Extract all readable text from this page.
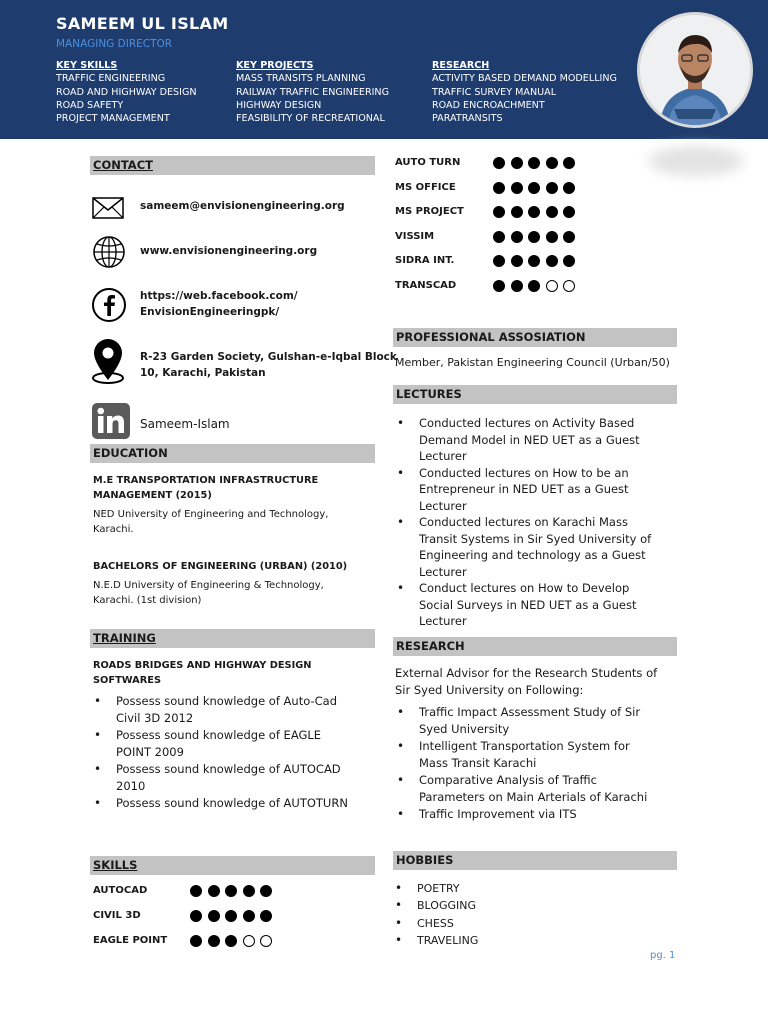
SAMEEM UL ISLAM
MANAGING DIRECTOR
KEY SKILLS
TRAFFIC ENGINEERING
ROAD AND HIGHWAY DESIGN
ROAD SAFETY
PROJECT MANAGEMENT
KEY PROJECTS
MASS TRANSITS PLANNING
RAILWAY TRAFFIC ENGINEERING
HIGHWAY DESIGN
FEASIBILITY OF RECREATIONAL
RESEARCH
ACTIVITY BASED DEMAND MODELLING
TRAFFIC SURVEY MANUAL
ROAD ENCROACHMENT
PARATRANSITS
CONTACT
sameem@envisionengineering.org
www.envisionengineering.org
https://web.facebook.com/
EnvisionEngineeringpk/
R-23 Garden Society, Gulshan-e-Iqbal Block
10, Karachi, Pakistan
Sameem-Islam
EDUCATION
M.E TRANSPORTATION INFRASTRUCTURE
MANAGEMENT (2015)
NED University of Engineering and Technology,
Karachi.
BACHELORS OF ENGINEERING (URBAN) (2010)
N.E.D University of Engineering & Technology,
Karachi. (1st division)
TRAINING
ROADS BRIDGES AND HIGHWAY DESIGN
SOFTWARES
• Possess sound knowledge of Auto-Cad
Civil 3D 2012
• Possess sound knowledge of EAGLE
POINT 2009
• Possess sound knowledge of AUTOCAD
2010
• Possess sound knowledge of AUTOTURN
SKILLS
AUTOCAD
CIVIL 3D
EAGLE POINT
AUTO TURN
MS OFFICE
MS PROJECT
VISSIM
SIDRA INT.
TRANSCAD
PROFESSIONAL ASSOSIATION
Member, Pakistan Engineering Council (Urban/50)
LECTURES
• Conducted lectures on Activity Based
Demand Model in NED UET as a Guest
Lecturer
• Conducted lectures on How to be an
Entrepreneur in NED UET as a Guest
Lecturer
• Conducted lectures on Karachi Mass
Transit Systems in Sir Syed University of
Engineering and technology as a Guest
Lecturer
• Conduct lectures on How to Develop
Social Surveys in NED UET as a Guest
Lecturer
RESEARCH
External Advisor for the Research Students of
Sir Syed University on Following:
• Traffic Impact Assessment Study of Sir
Syed University
• Intelligent Transportation System for
Mass Transit Karachi
• Comparative Analysis of Traffic
Parameters on Main Arterials of Karachi
• Traffic Improvement via ITS
HOBBIES
• POETRY
• BLOGGING
• CHESS
• TRAVELING
pg. 1
